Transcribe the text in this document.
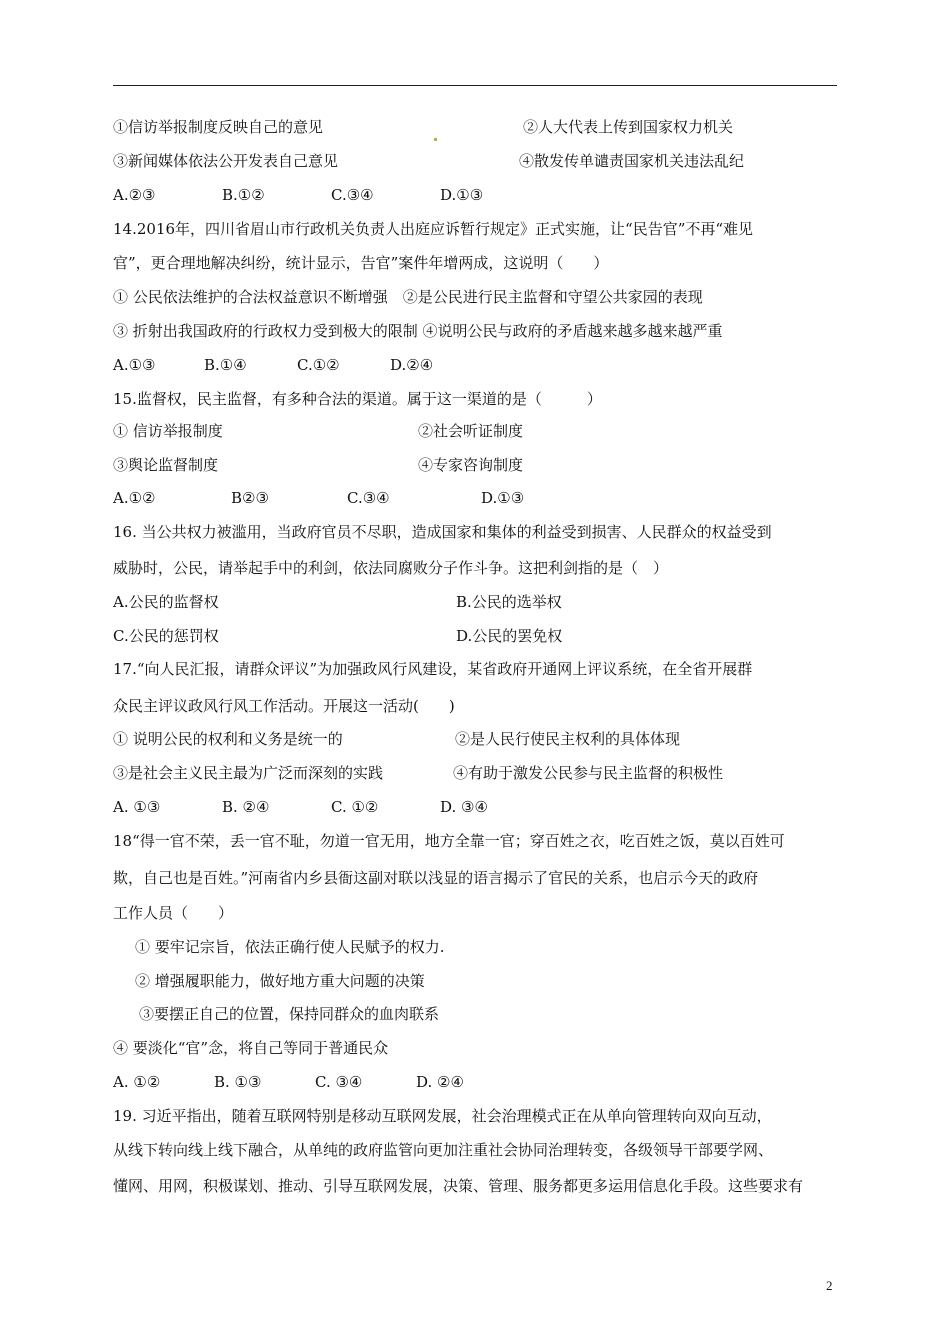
①信访举报制度反映自己的意见	②人大代表上传到国家权力机关
③新闻媒体依法公开发表自己意见	④散发传单谴责国家机关违法乱纪
A.②③	B.①②	C.③④	D.①③
14.2016年，四川省眉山市行政机关负责人出庭应诉暂行规定》正式实施，让“民告官”不再“难见
官”，更合理地解决纠纷，统计显示，告官”案件年增两成，这说明（　　）
① 公民依法维护的合法权益意识不断增强　②是公民进行民主监督和守望公共家园的表现
③ 折射出我国政府的行政权力受到极大的限制 ④说明公民与政府的矛盾越来越多越来越严重
A.①③	B.①④	C.①②	D.②④
15.监督权，民主监督，有多种合法的渠道。属于这一渠道的是（　　　）
① 信访举报制度	②社会听证制度
③舆论监督制度	④专家咨询制度
A.①②	B②③	C.③④	D.①③
16. 当公共权力被滥用，当政府官员不尽职，造成国家和集体的利益受到损害、人民群众的权益受到
威胁时，公民，请举起手中的利剑，依法同腐败分子作斗争。这把利剑指的是（　）
A.公民的监督权	B.公民的选举权
C.公民的惩罚权	D.公民的罢免权
17.“向人民汇报，请群众评议”为加强政风行风建设，某省政府开通网上评议系统，在全省开展群
众民主评议政风行风工作活动。开展这一活动(　　)
① 说明公民的权利和义务是统一的	②是人民行使民主权利的具体体现
③是社会主义民主最为广泛而深刻的实践	④有助于激发公民参与民主监督的积极性
A. ①③	B. ②④	C. ①②	D. ③④
18“得一官不荣，丢一官不耻，勿道一官无用，地方全靠一官；穿百姓之衣，吃百姓之饭，莫以百姓可
欺，自己也是百姓。”河南省内乡县衙这副对联以浅显的语言揭示了官民的关系，也启示今天的政府
工作人员（　　）
① 要牢记宗旨，依法正确行使人民赋予的权力.
② 增强履职能力，做好地方重大问题的决策
③要摆正自己的位置，保持同群众的血肉联系
④ 要淡化“官”念，将自己等同于普通民众
A. ①②	B. ①③	C. ③④	D. ②④
19. 习近平指出，随着互联网特别是移动互联网发展，社会治理模式正在从单向管理转向双向互动，
从线下转向线上线下融合，从单纯的政府监管向更加注重社会协同治理转变，各级领导干部要学网、
懂网、用网，积极谋划、推动、引导互联网发展，决策、管理、服务都更多运用信息化手段。这些要求有
2
